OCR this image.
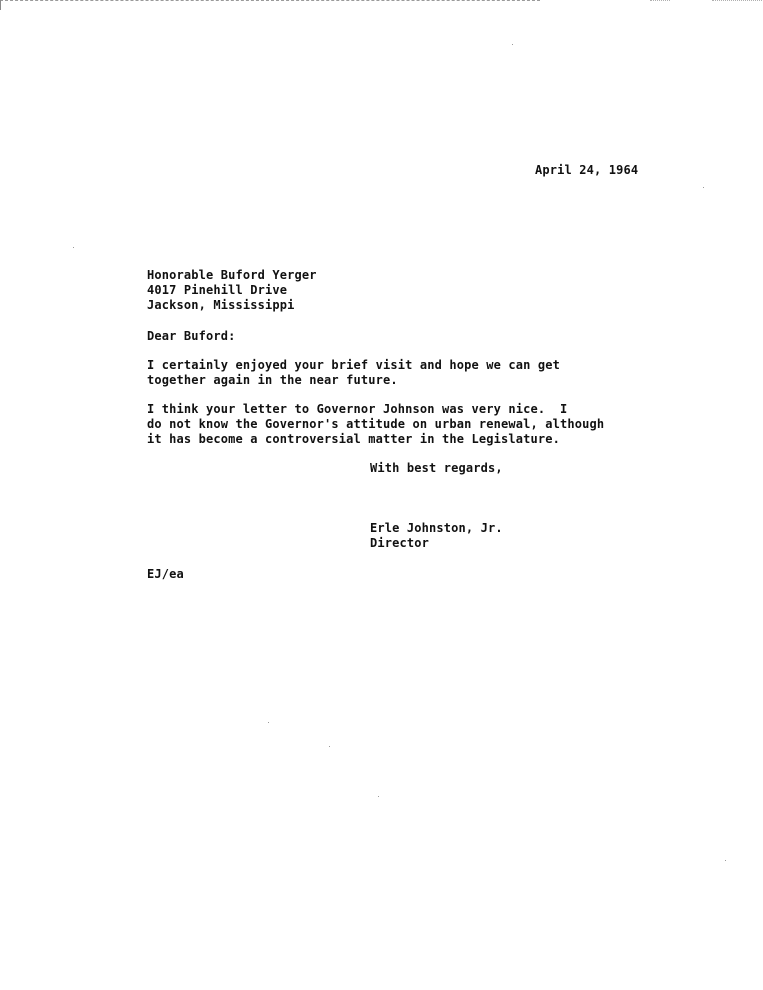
April 24, 1964
Honorable Buford Yerger
4017 Pinehill Drive
Jackson, Mississippi
Dear Buford:
I certainly enjoyed your brief visit and hope we can get
together again in the near future.
I think your letter to Governor Johnson was very nice.  I
do not know the Governor's attitude on urban renewal, although
it has become a controversial matter in the Legislature.
With best regards,
Erle Johnston, Jr.
Director
EJ/ea
